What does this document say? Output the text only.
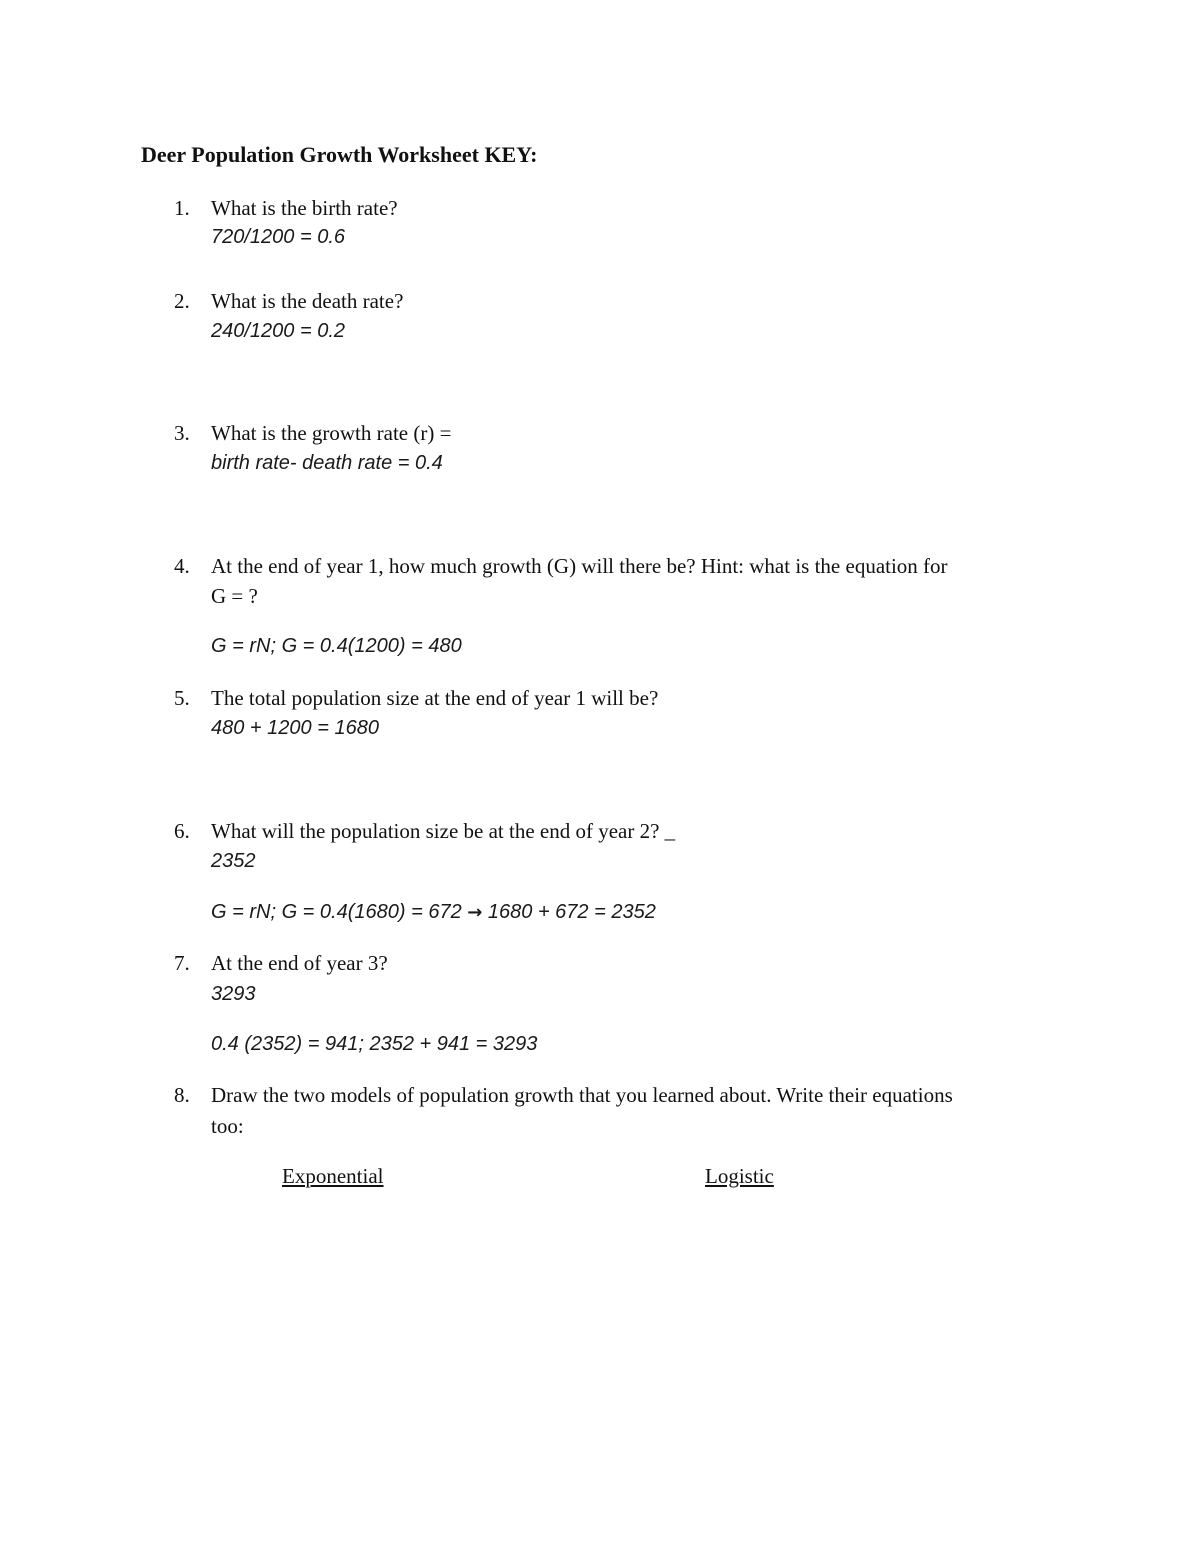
Deer Population Growth Worksheet KEY:
1. What is the birth rate?
720/1200 = 0.6
2. What is the death rate?
240/1200 = 0.2
3. What is the growth rate (r) =
birth rate- death rate = 0.4
4. At the end of year 1, how much growth (G) will there be? Hint: what is the equation for
G = ?
G = rN; G = 0.4(1200) = 480
5. The total population size at the end of year 1 will be?
480 + 1200 = 1680
6. What will the population size be at the end of year 2? _
2352
G = rN; G = 0.4(1680) = 672 → 1680 + 672 = 2352
7. At the end of year 3?
3293
0.4 (2352) = 941; 2352 + 941 = 3293
8. Draw the two models of population growth that you learned about. Write their equations
too:
Exponential	Logistic
